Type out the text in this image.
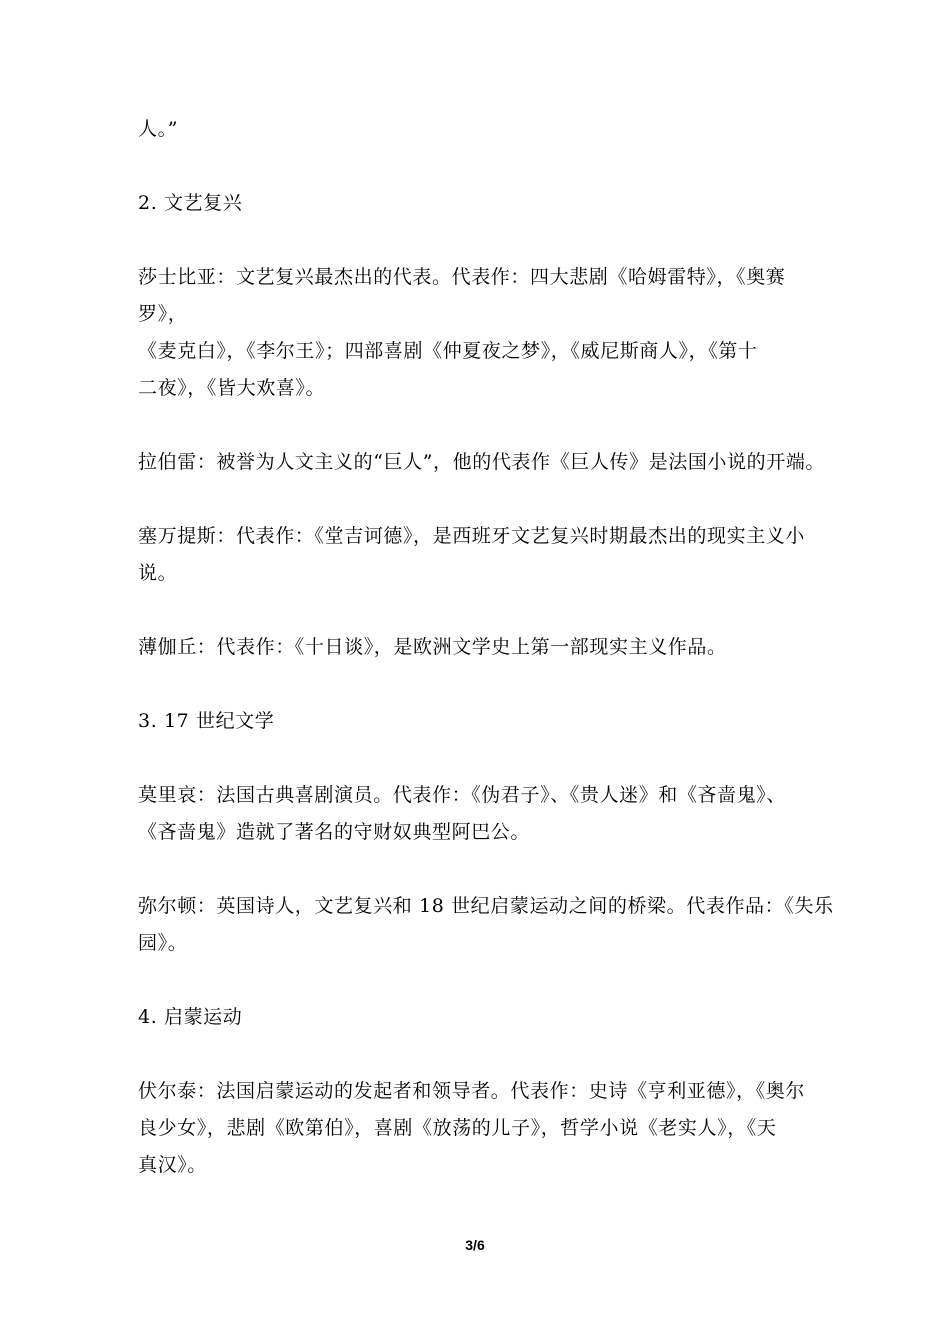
人。”
2. 文艺复兴
莎士比亚：文艺复兴最杰出的代表。代表作：四大悲剧《哈姆雷特》，《奥赛
罗》，
《麦克白》，《李尔王》；四部喜剧《仲夏夜之梦》，《威尼斯商人》，《第十
二夜》，《皆大欢喜》。
拉伯雷：被誉为人文主义的“巨人”，他的代表作《巨人传》是法国小说的开端。
塞万提斯：代表作：《堂吉诃德》，是西班牙文艺复兴时期最杰出的现实主义小
说。
薄伽丘：代表作：《十日谈》，是欧洲文学史上第一部现实主义作品。
3. 17 世纪文学
莫里哀：法国古典喜剧演员。代表作：《伪君子》、《贵人迷》和《吝啬鬼》、
《吝啬鬼》造就了著名的守财奴典型阿巴公。
弥尔顿：英国诗人，文艺复兴和 18 世纪启蒙运动之间的桥梁。代表作品：《失乐
园》。
4. 启蒙运动
伏尔泰：法国启蒙运动的发起者和领导者。代表作：史诗《亨利亚德》，《奥尔
良少女》，悲剧《欧第伯》，喜剧《放荡的儿子》，哲学小说《老实人》，《天
真汉》。
3/6
